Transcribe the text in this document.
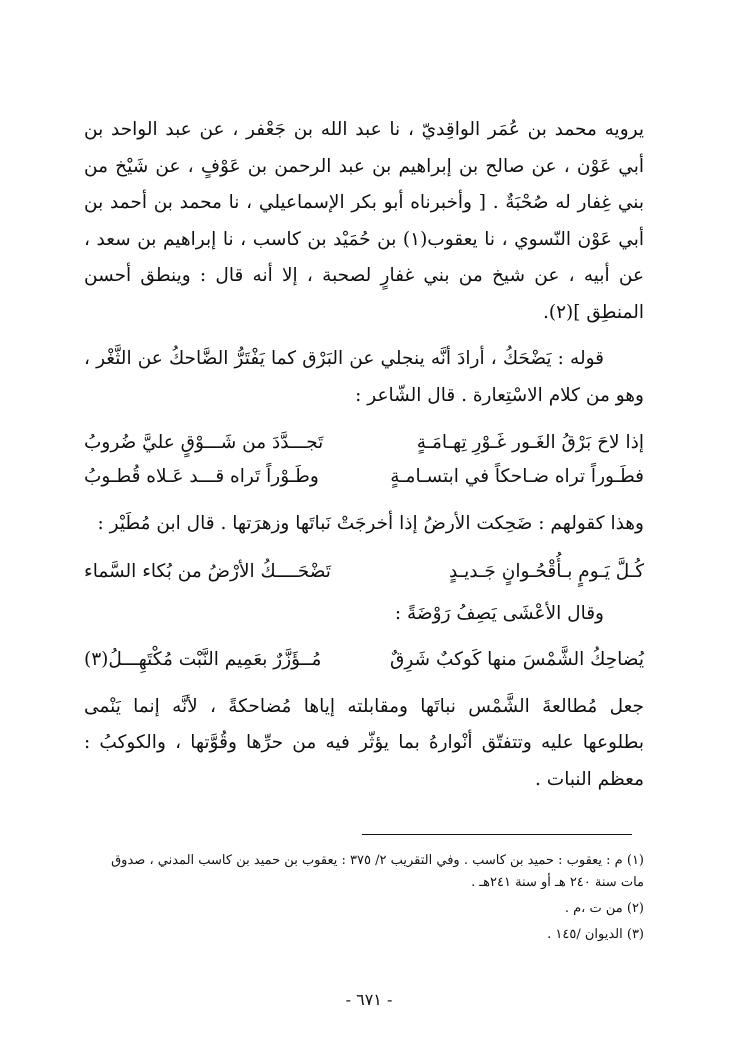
يرويه محمد بن عُمَر الواقِديّ ، نا عبد الله بن جَعْفر ، عن عبد الواحد بن أبي عَوْن ، عن صالح بن إبراهيم بن عبد الرحمن بن عَوْفٍ ، عن شَيْخ من بني غِفار له صُحْبَةٌ . [ وأخبرناه أبو بكر الإسماعيلي ، نا محمد بن أحمد بن أبي عَوْن النّسوي ، نا يعقوب(١) بن حُمَيْد بن كاسب ، نا إبراهيم بن سعد ، عن أبيه ، عن شيخ من بني غفارٍ لصحبة ، إلا أنه قال : وينطق أحسن المنطِق ](٢).

قوله : يَضْحَكُ ، أرادَ أنَّه ينجلي عن البَرْق كما يَفْتَرُّ الضَّاحكُ عن الثَّغْر ، وهو من كلام الاسْتِعارة . قال الشّاعر :

إذا لاحَ بَرْقُ الغَـور غَـوْرِ تِهـامَـةٍ
تَجـــدَّدَ من شَـــوْقٍ عليَّ ضُروبُ
فطَـوراً تراه ضـاحكاً في ابتسـامـةٍ
وطَـوْراً تَراه قـــد عَـلاه قُطـوبُ

وهذا كقولهم : ضَحِكت الأرضُ إذا أخرجَتْ نَباتَها وزهرَتها . قال ابن مُطَيْر :

كُـلَّ يَـومٍ بـأُقْحُـوانٍ جَـديـدٍ
تَضْحَــــكُ الأرْضُ من بُكاء السَّماء
وقال الأعْشَى يَصِفُ رَوْضَةً :
يُضاحِكُ الشَّمْسَ منها كَوكبٌ شَرِقٌ
مُــؤَزَّرٌ بعَمِيم النَّبْت مُكْتَهِـــلُ(٣)

جعل مُطالعةَ الشَّمْس نباتَها ومقابلته إياها مُضاحكةً ، لأنَّه إنما يَنْمى بطلوعها عليه وتتفتّق أنْوارهُ بما يؤثّر فيه من حرِّها وقُوَّتها ، والكوكبُ : معظم النبات .

(١) م : يعقوب : حميد بن كاسب . وفي التقريب ٢/ ٣٧٥ : يعقوب بن حميد بن كاسب المدني ، صدوق مات سنة ٢٤٠ هـ أو سنة ٢٤١هـ .

(٢) من ت ،م .

(٣) الديوان /١٤٥ .

- ٦٧١ -
